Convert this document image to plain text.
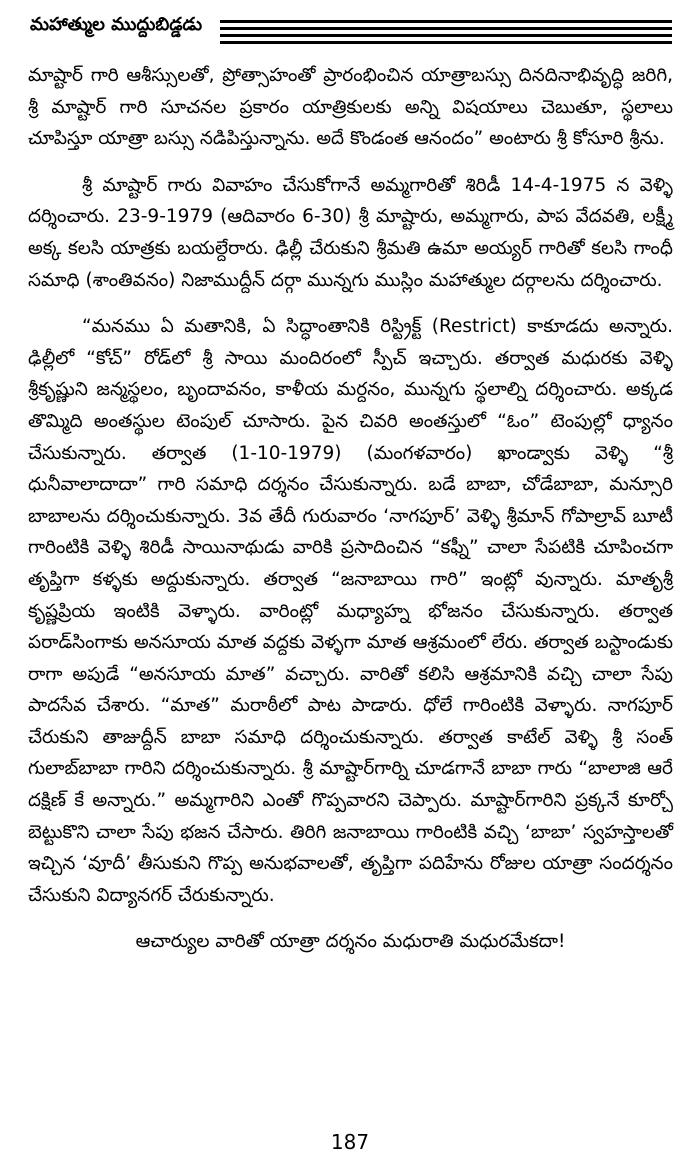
మహాత్ముల ముద్దుబిడ్డడు

మాష్టార్ గారి ఆశీస్సులతో, ప్రోత్సాహంతో ప్రారంభించిన యాత్రాబస్సు దినదినాభివృద్ధి జరిగి, శ్రీ మాష్టార్ గారి సూచనల ప్రకారం యాత్రికులకు అన్ని విషయాలు చెబుతూ, స్థలాలు చూపిస్తూ యాత్రా బస్సు నడిపిస్తున్నాను. అదే కొండంత ఆనందం” అంటారు శ్రీ కోసూరి శ్రీను.

శ్రీ మాష్టార్ గారు వివాహం చేసుకోగానే అమ్మగారితో శిరిడీ 14-4-1975 న వెళ్ళి దర్శించారు. 23-9-1979 (ఆదివారం 6-30) శ్రీ మాష్టారు, అమ్మగారు, పాప వేదవతి, లక్ష్మీ అక్క కలసి యాత్రకు బయల్దేరారు. ఢిల్లీ చేరుకుని శ్రీమతి ఉమా అయ్యర్ గారితో కలసి గాంధీ సమాధి (శాంతివనం) నిజాముద్దీన్ దర్గా మున్నగు ముస్లిం మహాత్ముల దర్గాలను దర్శించారు.

“మనము ఏ మతానికి, ఏ సిద్ధాంతానికి రిస్ట్రిక్ట్ (Restrict) కాకూడదు అన్నారు. ఢిల్లీలో “కోచ్” రోడ్‌లో శ్రీ సాయి మందిరంలో స్పీచ్ ఇచ్చారు. తర్వాత మధురకు వెళ్ళి శ్రీకృష్ణుని జన్మస్థలం, బృందావనం, కాళీయ మర్దనం, మున్నగు స్థలాల్ని దర్శించారు. అక్కడ తొమ్మిది అంతస్థుల టెంపుల్ చూసారు. పైన చివరి అంతస్తులో “ఓం” టెంపుల్లో ధ్యానం చేసుకున్నారు. తర్వాత (1-10-1979) (మంగళవారం) ఖాండ్వాకు వెళ్ళి “శ్రీ ధునీవాలాదాదా” గారి సమాధి దర్శనం చేసుకున్నారు. బడే బాబా, చోడేబాబా, మన్సూరి బాబాలను దర్శించుకున్నారు. 3వ తేదీ గురువారం ‘నాగపూర్’ వెళ్ళి శ్రీమాన్ గోపాల్రావ్ బూటీ గారింటికి వెళ్ళి శిరిడీ సాయినాథుడు వారికి ప్రసాదించిన “కఫ్నీ” చాలా సేపటికి చూపించగా తృప్తిగా కళ్ళకు అద్దుకున్నారు. తర్వాత “జనాబాయి గారి” ఇంట్లో వున్నారు. మాతృశ్రీ కృష్ణప్రియ ఇంటికి వెళ్ళారు. వారింట్లో మధ్యాహ్న భోజనం చేసుకున్నారు. తర్వాత పరాడ్‌సింగాకు అనసూయ మాత వద్దకు వెళ్ళగా మాత ఆశ్రమంలో లేరు. తర్వాత బస్టాండుకు రాగా అపుడే “అనసూయ మాత” వచ్చారు. వారితో కలిసి ఆశ్రమానికి వచ్చి చాలా సేపు పాదసేవ చేశారు. “మాత” మరాఠీలో పాట పాడారు. ధోలే గారింటికి వెళ్ళారు. నాగపూర్ చేరుకుని తాజుద్దీన్ బాబా సమాధి దర్శించుకున్నారు. తర్వాత కాటేల్ వెళ్ళి శ్రీ సంత్ గులాబ్‌బాబా గారిని దర్శించుకున్నారు. శ్రీ మాష్టార్‌గార్ని చూడగానే బాబా గారు “బాలాజి ఆరే దక్షిణ్ కే అన్నారు.” అమ్మగారిని ఎంతో గొప్పవారని చెప్పారు. మాష్టార్‌గారిని ప్రక్కనే కూర్చో బెట్టుకొని చాలా సేపు భజన చేసారు. తిరిగి జనాబాయి గారింటికి వచ్చి ‘బాబా’ స్వహస్తాలతో ఇచ్చిన ‘వూదీ’ తీసుకుని గొప్ప అనుభవాలతో, తృప్తిగా పదిహేను రోజుల యాత్రా సందర్శనం చేసుకుని విద్యానగర్ చేరుకున్నారు.

ఆచార్యుల వారితో యాత్రా దర్శనం మధురాతి మధురమేకదా!

187
